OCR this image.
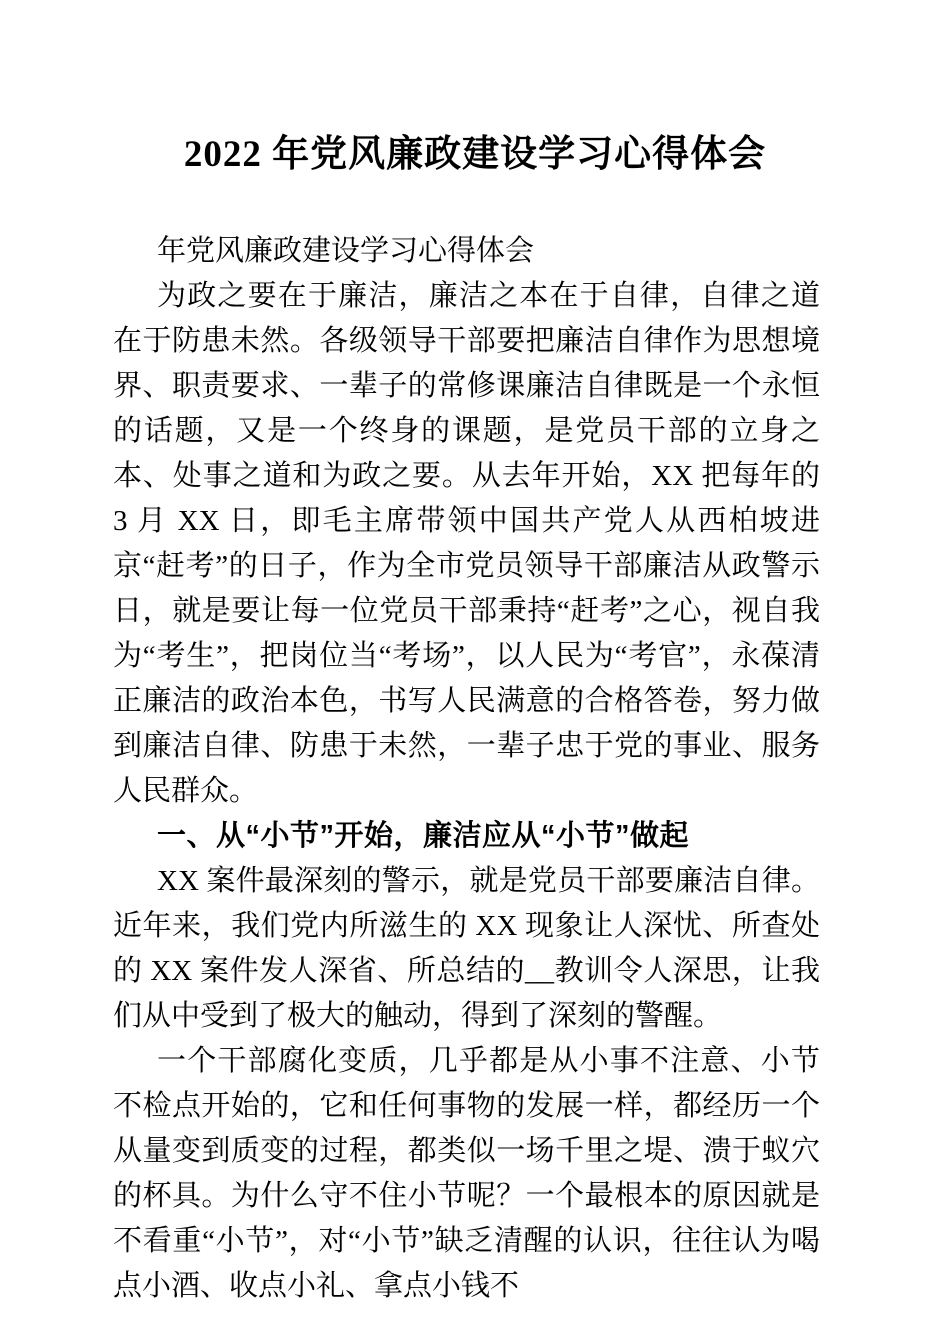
2022 年党风廉政建设学习心得体会

年党风廉政建设学习心得体会

为政之要在于廉洁，廉洁之本在于自律，自律之道在于防患未然。各级领导干部要把廉洁自律作为思想境界、职责要求、一辈子的常修课廉洁自律既是一个永恒的话题，又是一个终身的课题，是党员干部的立身之本、处事之道和为政之要。从去年开始，XX 把每年的 3 月 XX 日，即毛主席带领中国共产党人从西柏坡进京“赶考”的日子，作为全市党员领导干部廉洁从政警示日，就是要让每一位党员干部秉持“赶考”之心，视自我为“考生”，把岗位当“考场”，以人民为“考官”，永葆清正廉洁的政治本色，书写人民满意的合格答卷，努力做到廉洁自律、防患于未然，一辈子忠于党的事业、服务人民群众。

一、从“小节”开始，廉洁应从“小节”做起

XX 案件最深刻的警示，就是党员干部要廉洁自律。近年来，我们党内所滋生的 XX 现象让人深忧、所查处的 XX 案件发人深省、所总结的__教训令人深思，让我们从中受到了极大的触动，得到了深刻的警醒。

一个干部腐化变质，几乎都是从小事不注意、小节不检点开始的，它和任何事物的发展一样，都经历一个从量变到质变的过程，都类似一场千里之堤、溃于蚁穴的杯具。为什么守不住小节呢？一个最根本的原因就是不看重“小节”，对“小节”缺乏清醒的认识，往往认为喝点小酒、收点小礼、拿点小钱不
